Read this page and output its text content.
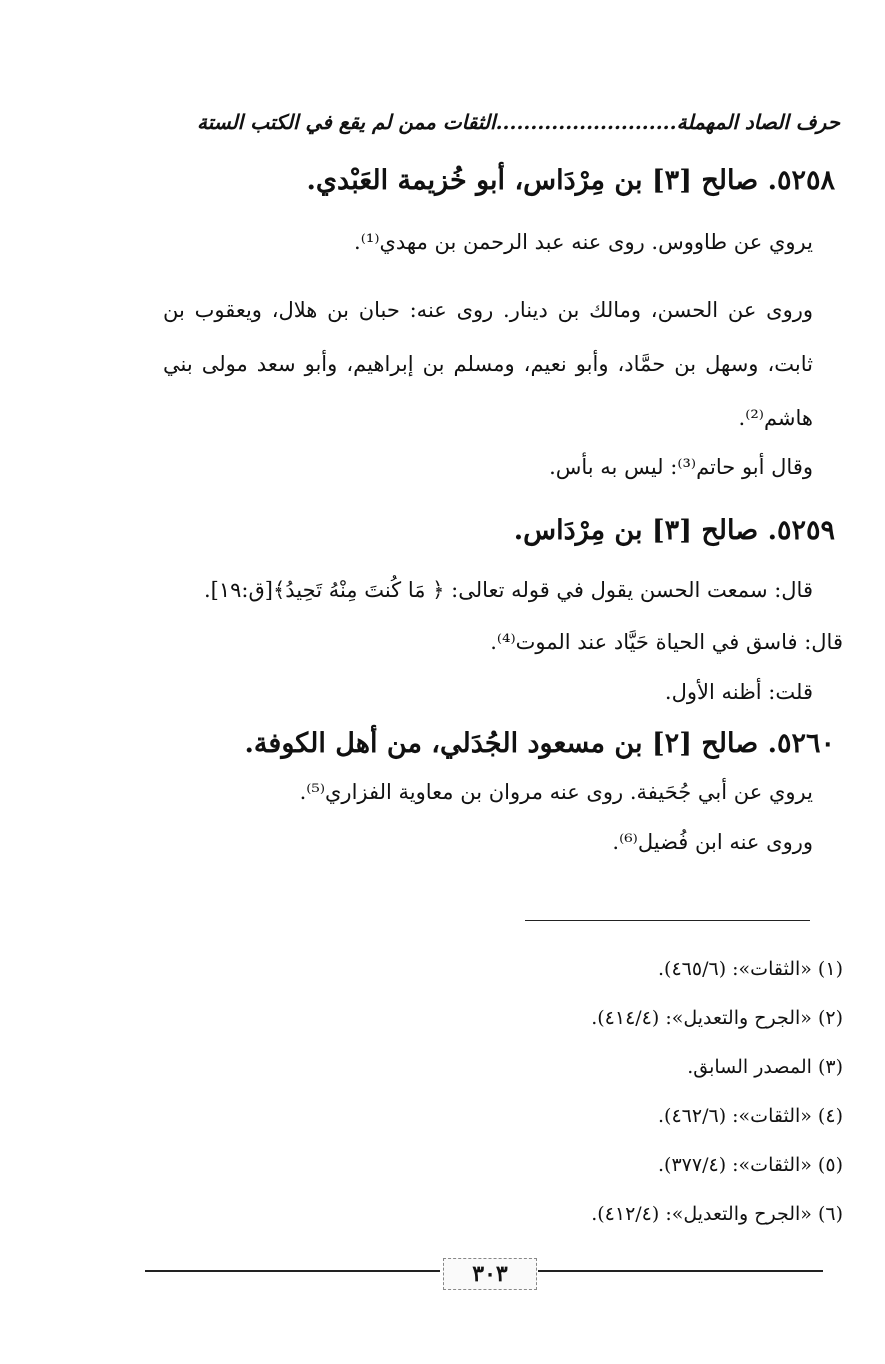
حرف الصاد المهملة..........................الثقات ممن لم يقع في الكتب الستة
٥٢٥٨. صالح [٣] بن مِرْدَاس، أبو خُزيمة العَبْدي.
يروي عن طاووس. روى عنه عبد الرحمن بن مهدي⁽¹⁾.
وروى عن الحسن، ومالك بن دينار. روى عنه: حبان بن هلال، ويعقوب بن ثابت، وسهل بن حمَّاد، وأبو نعيم، ومسلم بن إبراهيم، وأبو سعد مولى بني هاشم⁽²⁾.
وقال أبو حاتم⁽³⁾: ليس به بأس.
٥٢٥٩. صالح [٣] بن مِرْدَاس.
قال: سمعت الحسن يقول في قوله تعالى: ﴿ مَا كُنتَ مِنْهُ تَحِيدُ﴾[ق:١٩].
قال: فاسق في الحياة حَيَّاد عند الموت⁽⁴⁾.
قلت: أظنه الأول.
٥٢٦٠. صالح [٢] بن مسعود الجُدَلي، من أهل الكوفة.
يروي عن أبي جُحَيفة. روى عنه مروان بن معاوية الفزاري⁽⁵⁾.
وروى عنه ابن فُضيل⁽⁶⁾.
(١) «الثقات»: (٤٦٥/٦).
(٢) «الجرح والتعديل»: (٤١٤/٤).
(٣) المصدر السابق.
(٤) «الثقات»: (٤٦٢/٦).
(٥) «الثقات»: (٣٧٧/٤).
(٦) «الجرح والتعديل»: (٤١٢/٤).
٣٠٣
